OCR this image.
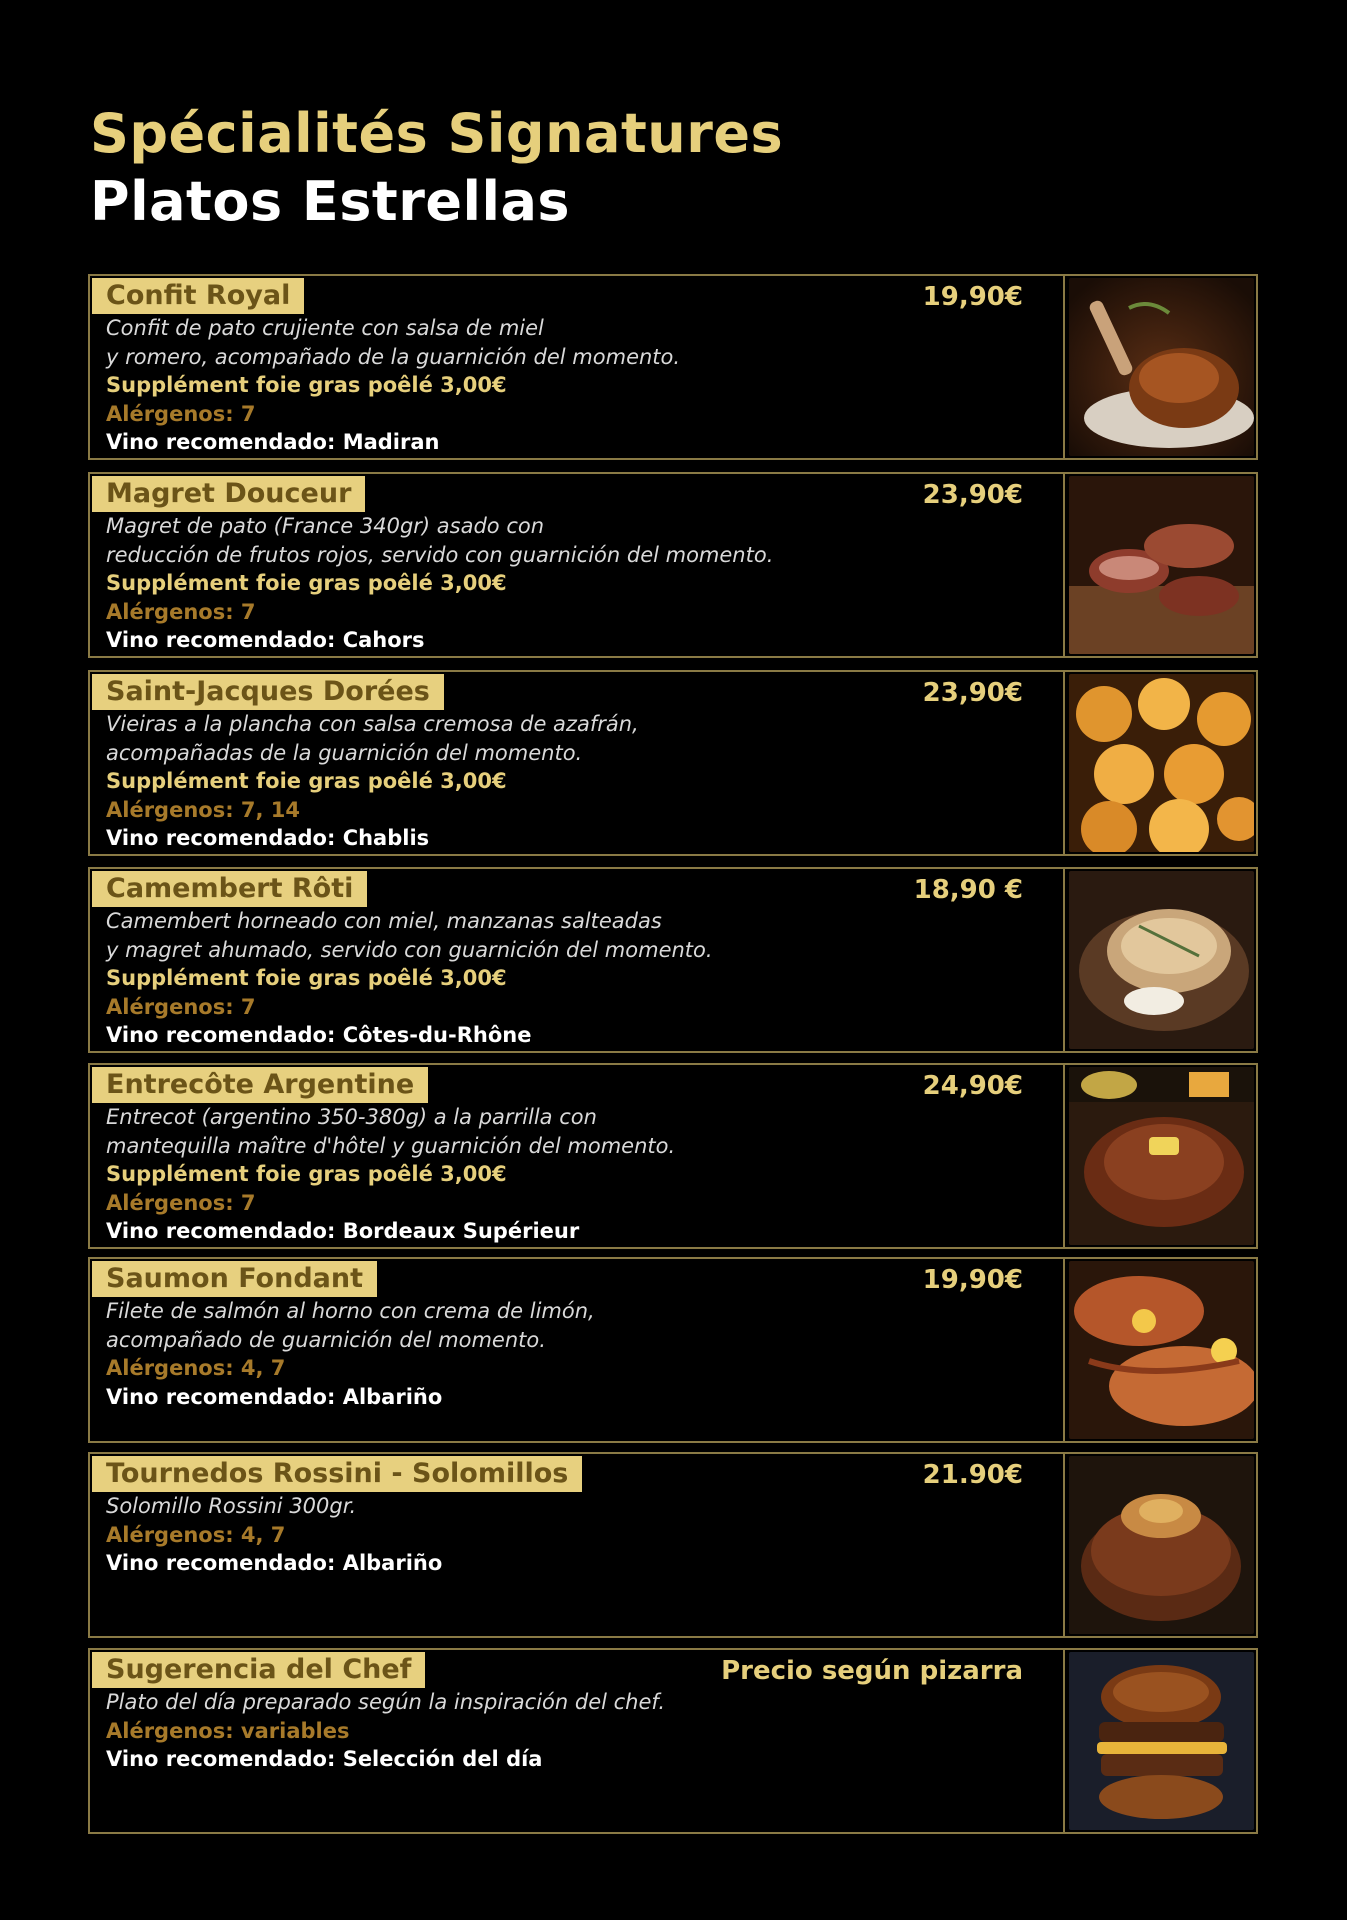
Spécialités Signatures
Platos Estrellas
Confit Royal	19,90€
Confit de pato crujiente con salsa de miel
y romero, acompañado de la guarnición del momento.
Supplément foie gras poêlé 3,00€
Alérgenos: 7
Vino recomendado: Madiran
Magret Douceur	23,90€
Magret de pato (France 340gr) asado con
reducción de frutos rojos, servido con guarnición del momento.
Supplément foie gras poêlé 3,00€
Alérgenos: 7
Vino recomendado: Cahors
Saint-Jacques Dorées	23,90€
Vieiras a la plancha con salsa cremosa de azafrán,
acompañadas de la guarnición del momento.
Supplément foie gras poêlé 3,00€
Alérgenos: 7, 14
Vino recomendado: Chablis
Camembert Rôti	18,90 €
Camembert horneado con miel, manzanas salteadas
y magret ahumado, servido con guarnición del momento.
Supplément foie gras poêlé 3,00€
Alérgenos: 7
Vino recomendado: Côtes-du-Rhône
Entrecôte Argentine	24,90€
Entrecot (argentino 350-380g) a la parrilla con
mantequilla maître d'hôtel y guarnición del momento.
Supplément foie gras poêlé 3,00€
Alérgenos: 7
Vino recomendado: Bordeaux Supérieur
Saumon Fondant	19,90€
Filete de salmón al horno con crema de limón,
acompañado de guarnición del momento.
Alérgenos: 4, 7
Vino recomendado: Albariño
Tournedos Rossini - Solomillos	21.90€
Solomillo Rossini 300gr.
Alérgenos: 4, 7
Vino recomendado: Albariño
Sugerencia del Chef	Precio según pizarra
Plato del día preparado según la inspiración del chef.
Alérgenos: variables
Vino recomendado: Selección del día
